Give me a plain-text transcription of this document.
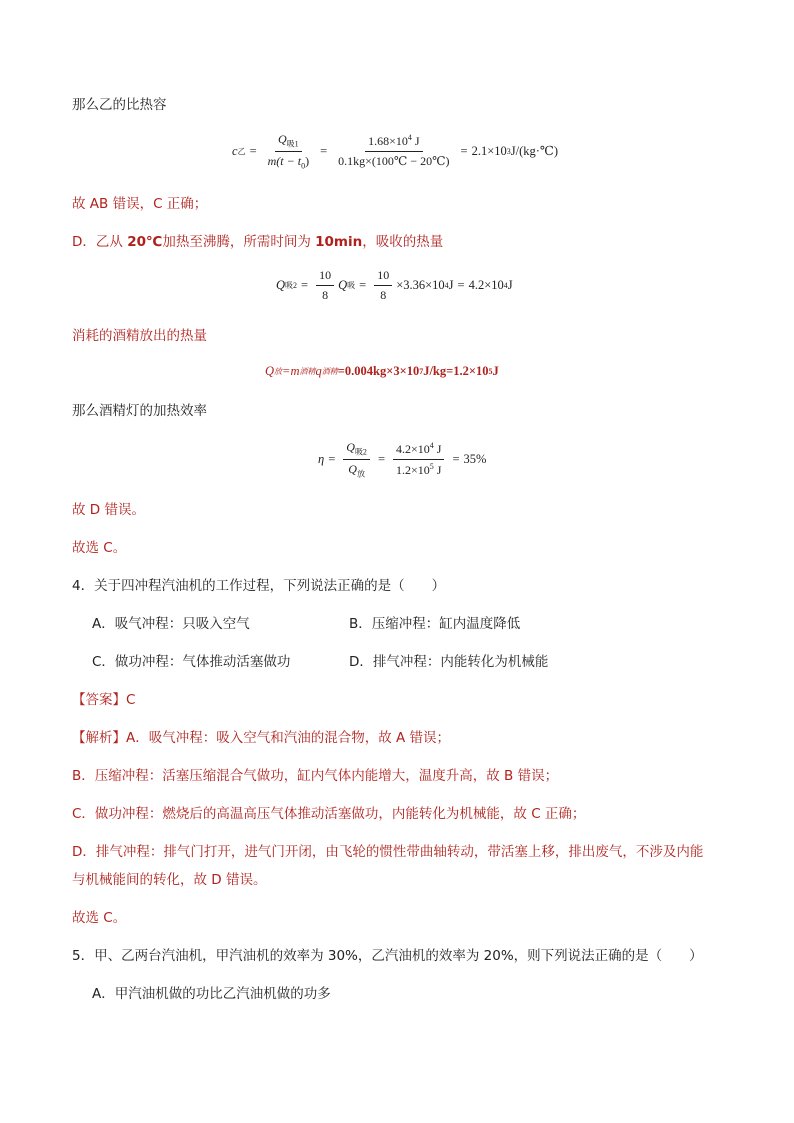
那么乙的比热容
c 乙 = $\frac{Q_{吸1}}{m(t - t_0)} = \frac{1.68\times 10^4 J}{0.1kg\times(100℃ - 20℃)} = 2.1\times 10$ 3 J/(kg·℃)
故 AB 错误，C 正确；
D．乙从 20℃加热至沸腾，所需时间为 10min，吸收的热量
Q 吸$2 = \frac{10}{8}$ Q 吸 = $\frac{10}{8} \times 3.36\times 10$ 4 J = 4.2×10 4 J
消耗的酒精放出的热量
Q 放 =m 酒精 q 酒精 =0.004kg×3×10 7 J/kg=1.2×10 5 J
那么酒精灯的加热效率
$\eta = \frac{Q_{吸2}}{Q_放} = \frac{4.2\times 10^4 J}{1.2\times 10^5 J} = 35\%$
故 D 错误。
故选 C。
4．关于四冲程汽油机的工作过程，下列说法正确的是（　　）
A．吸气冲程：只吸入空气	B．压缩冲程：缸内温度降低
C．做功冲程：气体推动活塞做功	D．排气冲程：内能转化为机械能
【答案】C
【解析】A．吸气冲程：吸入空气和汽油的混合物，故 A 错误；
B．压缩冲程：活塞压缩混合气做功，缸内气体内能增大，温度升高，故 B 错误；
C．做功冲程：燃烧后的高温高压气体推动活塞做功，内能转化为机械能，故 C 正确；
D．排气冲程：排气门打开，进气门开闭，由飞轮的惯性带曲轴转动，带活塞上移，排出废气，不涉及内能
与机械能间的转化，故 D 错误。
故选 C。
5．甲、乙两台汽油机，甲汽油机的效率为 30%，乙汽油机的效率为 20%，则下列说法正确的是（　　）
A．甲汽油机做的功比乙汽油机做的功多
